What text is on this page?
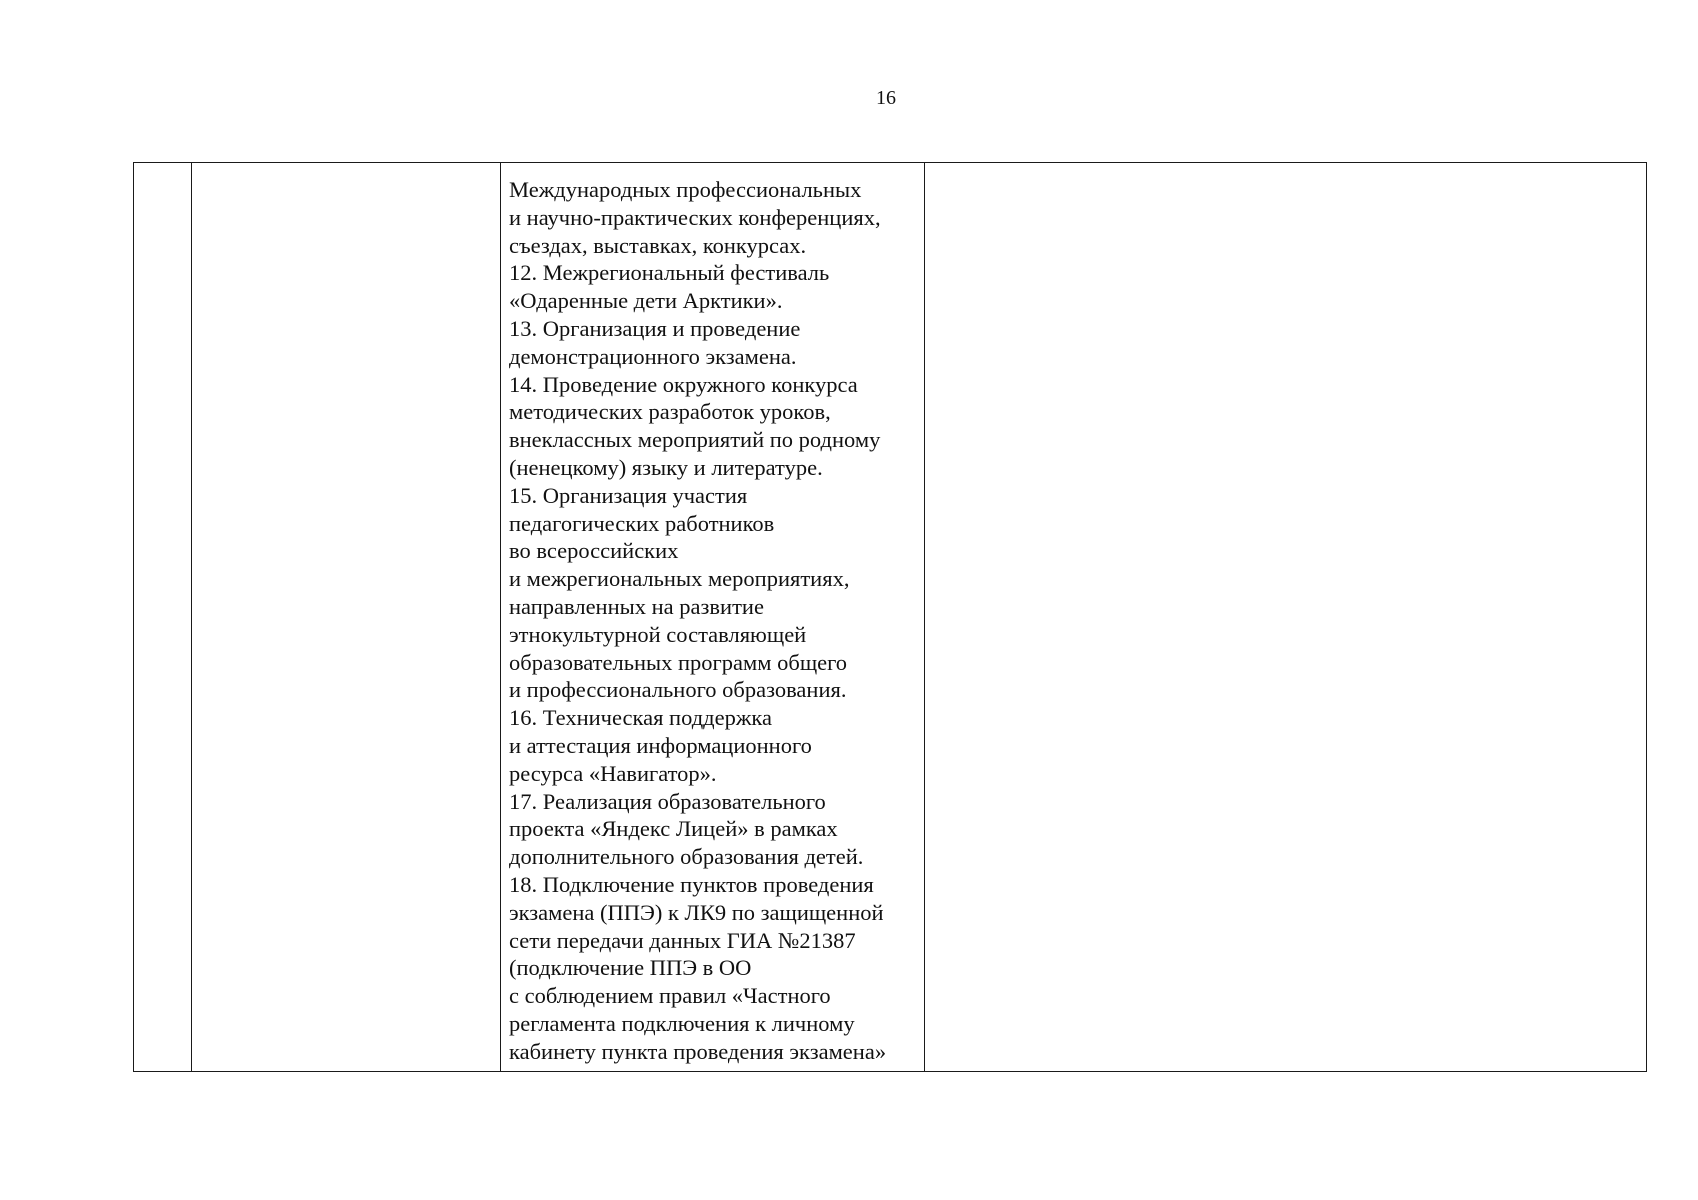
16

Международных профессиональных
и научно-практических конференциях,
съездах, выставках, конкурсах.
12. Межрегиональный фестиваль
«Одаренные дети Арктики».
13. Организация и проведение
демонстрационного экзамена.
14. Проведение окружного конкурса
методических разработок уроков,
внеклассных мероприятий по родному
(ненецкому) языку и литературе.
15. Организация участия
педагогических работников
во всероссийских
и межрегиональных мероприятиях,
направленных на развитие
этнокультурной составляющей
образовательных программ общего
и профессионального образования.
16. Техническая поддержка
и аттестация информационного
ресурса «Навигатор».
17. Реализация образовательного
проекта «Яндекс Лицей» в рамках
дополнительного образования детей.
18. Подключение пунктов проведения
экзамена (ППЭ) к ЛК9 по защищенной
сети передачи данных ГИА №21387
(подключение ППЭ в ОО
с соблюдением правил «Частного
регламента подключения к личному
кабинету пункта проведения экзамена»
